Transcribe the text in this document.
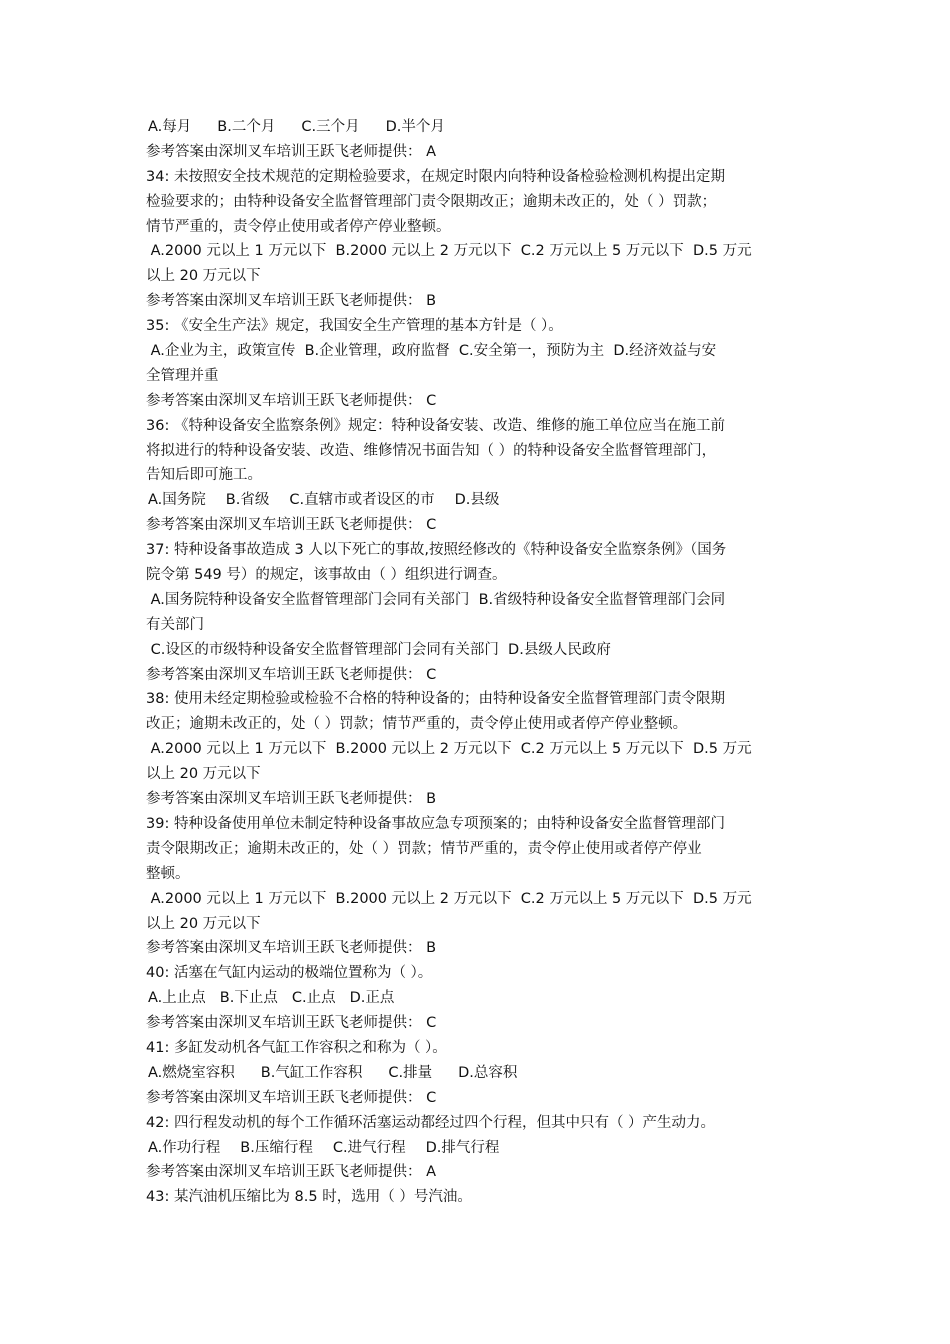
A.每月 B.二个月 C.三个月 D.半个月
参考答案由深圳叉车培训王跃飞老师提供： A
34: 未按照安全技术规范的定期检验要求，在规定时限内向特种设备检验检测机构提出定期
检验要求的；由特种设备安全监督管理部门责令限期改正；逾期未改正的，处（ ）罚款；
情节严重的，责令停止使用或者停产停业整顿。
A.2000 元以上 1 万元以下  B.2000 元以上 2 万元以下  C.2 万元以上 5 万元以下  D.5 万元
以上 20 万元以下
参考答案由深圳叉车培训王跃飞老师提供： B
35: 《安全生产法》规定，我国安全生产管理的基本方针是（ ）。
A.企业为主，政策宣传  B.企业管理，政府监督  C.安全第一，预防为主  D.经济效益与安
全管理并重
参考答案由深圳叉车培训王跃飞老师提供： C
36: 《特种设备安全监察条例》规定：特种设备安装、改造、维修的施工单位应当在施工前
将拟进行的特种设备安装、改造、维修情况书面告知（ ）的特种设备安全监督管理部门，
告知后即可施工。
A.国务院 B.省级 C.直辖市或者设区的市 D.县级
参考答案由深圳叉车培训王跃飞老师提供： C
37: 特种设备事故造成 3 人以下死亡的事故,按照经修改的《特种设备安全监察条例》（国务
院令第 549 号）的规定，该事故由（ ）组织进行调查。
A.国务院特种设备安全监督管理部门会同有关部门  B.省级特种设备安全监督管理部门会同
有关部门
C.设区的市级特种设备安全监督管理部门会同有关部门  D.县级人民政府
参考答案由深圳叉车培训王跃飞老师提供： C
38: 使用未经定期检验或检验不合格的特种设备的；由特种设备安全监督管理部门责令限期
改正；逾期未改正的，处（ ）罚款；情节严重的，责令停止使用或者停产停业整顿。
A.2000 元以上 1 万元以下  B.2000 元以上 2 万元以下  C.2 万元以上 5 万元以下  D.5 万元
以上 20 万元以下
参考答案由深圳叉车培训王跃飞老师提供： B
39: 特种设备使用单位未制定特种设备事故应急专项预案的；由特种设备安全监督管理部门
责令限期改正；逾期未改正的，处（ ）罚款；情节严重的，责令停止使用或者停产停业
整顿。
A.2000 元以上 1 万元以下  B.2000 元以上 2 万元以下  C.2 万元以上 5 万元以下  D.5 万元
以上 20 万元以下
参考答案由深圳叉车培训王跃飞老师提供： B
40: 活塞在气缸内运动的极端位置称为（ ）。
A.上止点 B.下止点 C.止点 D.正点
参考答案由深圳叉车培训王跃飞老师提供： C
41: 多缸发动机各气缸工作容积之和称为（ ）。
A.燃烧室容积 B.气缸工作容积 C.排量 D.总容积
参考答案由深圳叉车培训王跃飞老师提供： C
42: 四行程发动机的每个工作循环活塞运动都经过四个行程，但其中只有（ ）产生动力。
A.作功行程 B.压缩行程 C.进气行程 D.排气行程
参考答案由深圳叉车培训王跃飞老师提供： A
43: 某汽油机压缩比为 8.5 时，选用（ ）号汽油。
